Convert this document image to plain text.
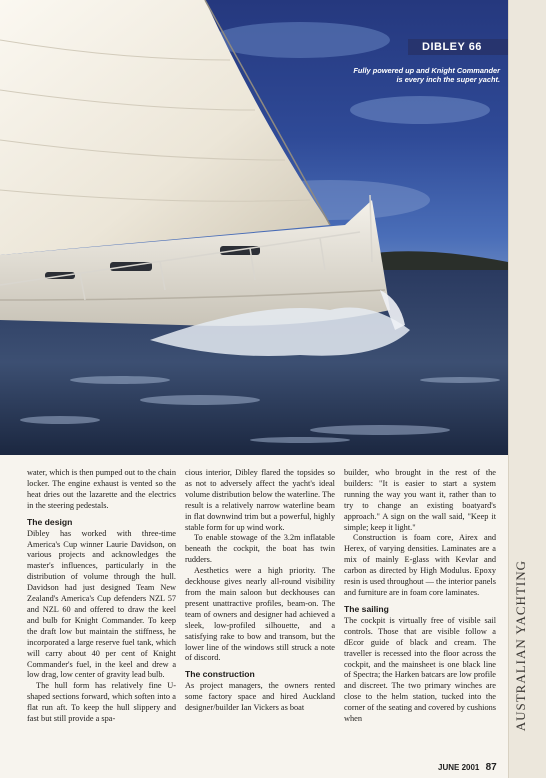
DIBLEY 66
Fully powered up and Knight Commander
is every inch the super yacht.
AUSTRALIAN YACHTING

water, which is then pumped out to the chain locker. The engine exhaust is vented so the heat dries out the lazarette and the electrics in the steering pedestals.

The design

Dibley has worked with three-time America's Cup winner Laurie Davidson, on various projects and acknowledges the master's influences, particularly in the distribution of volume through the hull. Davidson had just designed Team New Zealand's America's Cup defenders NZL 57 and NZL 60 and offered to draw the keel and bulb for Knight Commander. To keep the draft low but maintain the stiffness, he incorporated a large reserve fuel tank, which will carry about 40 per cent of Knight Commander's fuel, in the keel and drew a low drag, low center of gravity lead bulb.

The hull form has relatively fine U-shaped sections forward, which soften into a flat run aft. To keep the hull slippery and fast but still provide a spa-

cious interior, Dibley flared the topsides so as not to adversely affect the yacht's ideal volume distribution below the waterline. The result is a relatively narrow waterline beam in flat downwind trim but a powerful, highly stable form for up wind work.

To enable stowage of the 3.2m inflatable beneath the cockpit, the boat has twin rudders.

Aesthetics were a high priority. The deckhouse gives nearly all-round visibility from the main saloon but deckhouses can present unattractive profiles, beam-on. The team of owners and designer had achieved a sleek, low-profiled silhouette, and a satisfying rake to bow and transom, but the lower line of the windows still struck a note of discord.

The construction

As project managers, the owners rented some factory space and hired Auckland designer/builder Ian Vickers as boat

builder, who brought in the rest of the builders: "It is easier to start a system running the way you want it, rather than to try to change an existing boatyard's approach." A sign on the wall said, "Keep it simple; keep it light."

Construction is foam core, Airex and Herex, of varying densities. Laminates are a mix of mainly E-glass with Kevlar and carbon as directed by High Modulus. Epoxy resin is used throughout — the interior panels and furniture are in foam core laminates.

The sailing

The cockpit is virtually free of visible sail controls. Those that are visible follow a dEcor guide of black and cream. The traveller is recessed into the floor across the cockpit, and the mainsheet is one black line of Spectra; the Harken batcars are low profile and discreet. The two primary winches are close to the helm station, tucked into the corner of the seating and covered by cushions when

JUNE 2001 87
